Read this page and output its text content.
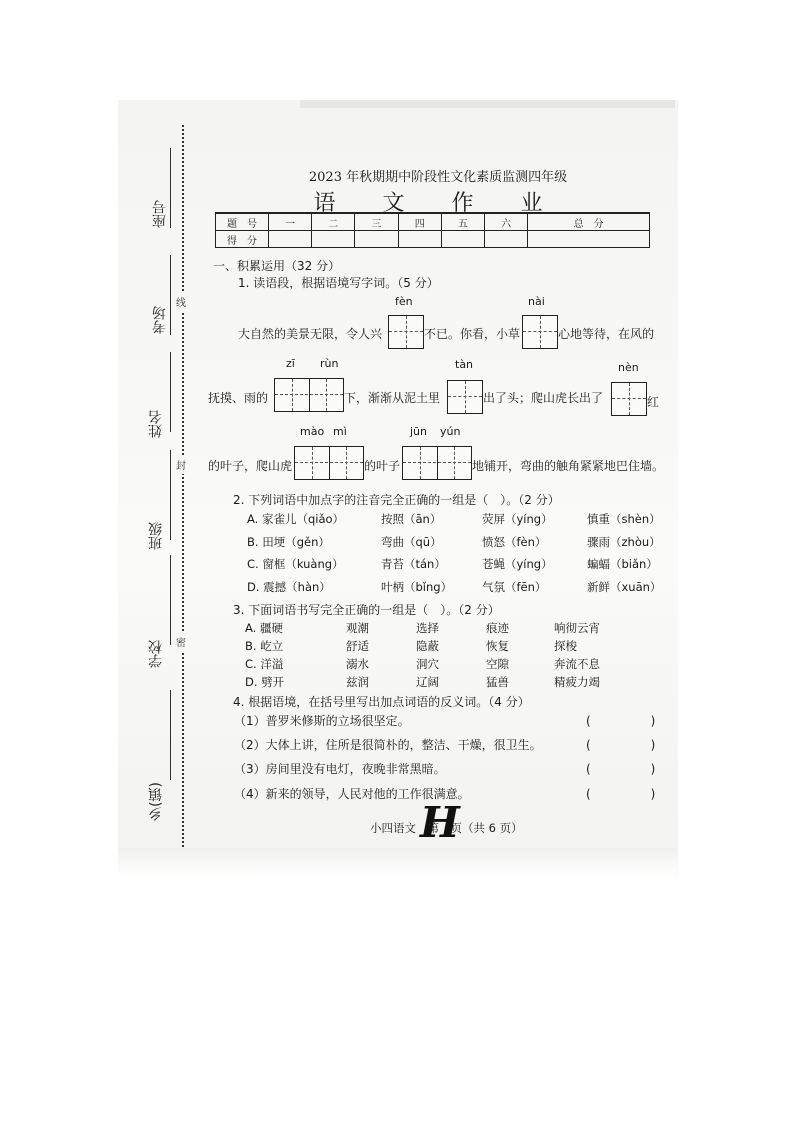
座号
考场
姓名
班级
学校
乡(镇)
线
封
密
2023 年秋期期中阶段性文化素质监测四年级
语 文 作 业
题　号	一	二	三	四	五	六	总　分
得　分							
一、积累运用（32 分）
1. 读语段，根据语境写字词。（5 分）
fèn	nài
zī rùn	tàn	nèn
mào mì	jūn yún
大自然的美景无限，令人兴	不已。你看，小草	心地等待，在风的
抚摸、雨的	下，渐渐从泥土里	出了头；爬山虎长出了	红
的叶子，爬山虎	的叶子	地铺开，弯曲的触角紧紧地巴住墙。
2. 下列词语中加点字的注音完全正确的一组是（　）。（2 分）
A. 家雀儿（qiǎo）	按照（ān）	荧屏（yíng）	慎重（shèn）
B. 田埂（gěn）	弯曲（qū）	愤怒（fèn）	骤雨（zhòu）
C. 窗框（kuàng）	青苔（tán）	苍蝇（yíng）	蝙蝠（biǎn）
D. 震撼（hàn）	叶柄（bǐng）	气氛（fēn）	新鲜（xuān）
3. 下面词语书写完全正确的一组是（　）。（2 分）
A. 疆硬	观潮	选择	痕迹	响彻云宵
B. 屹立	舒适	隐蔽	恢复	探梭
C. 洋溢	溺水	洞穴	空隙	奔流不息
D. 劈开	兹润	辽阔	猛兽	精疲力竭
4. 根据语境，在括号里写出加点词语的反义词。（4 分）
（1）普罗米修斯的立场很坚定。	(　　　　　)
（2）大体上讲，住所是很简朴的，整洁、干燥，很卫生。	(　　　　　)
（3）房间里没有电灯，夜晚非常黑暗。	(　　　　　)
（4）新来的领导，人民对他的工作很满意。	(　　　　　)
小四语文　第　页（共 6 页）
H
